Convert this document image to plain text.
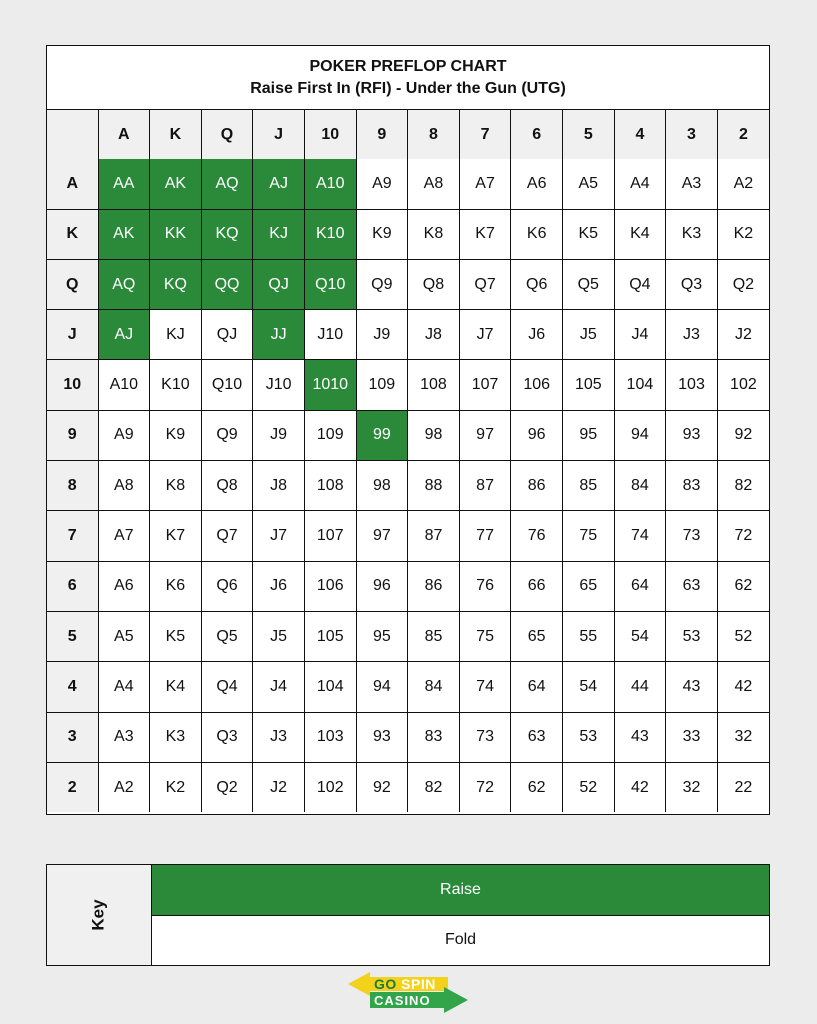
POKER PREFLOP CHART
Raise First In (RFI) - Under the Gun (UTG)
	A	K	Q	J	10	9	8	7	6	5	4	3	2
A	AA	AK	AQ	AJ	A10	A9	A8	A7	A6	A5	A4	A3	A2
K	AK	KK	KQ	KJ	K10	K9	K8	K7	K6	K5	K4	K3	K2
Q	AQ	KQ	QQ	QJ	Q10	Q9	Q8	Q7	Q6	Q5	Q4	Q3	Q2
J	AJ	KJ	QJ	JJ	J10	J9	J8	J7	J6	J5	J4	J3	J2
10	A10	K10	Q10	J10	1010	109	108	107	106	105	104	103	102
9	A9	K9	Q9	J9	109	99	98	97	96	95	94	93	92
8	A8	K8	Q8	J8	108	98	88	87	86	85	84	83	82
7	A7	K7	Q7	J7	107	97	87	77	76	75	74	73	72
6	A6	K6	Q6	J6	106	96	86	76	66	65	64	63	62
5	A5	K5	Q5	J5	105	95	85	75	65	55	54	53	52
4	A4	K4	Q4	J4	104	94	84	74	64	54	44	43	42
3	A3	K3	Q3	J3	103	93	83	73	63	53	43	33	32
2	A2	K2	Q2	J2	102	92	82	72	62	52	42	32	22
Key
Raise
Fold
GO SPIN
CASINO
